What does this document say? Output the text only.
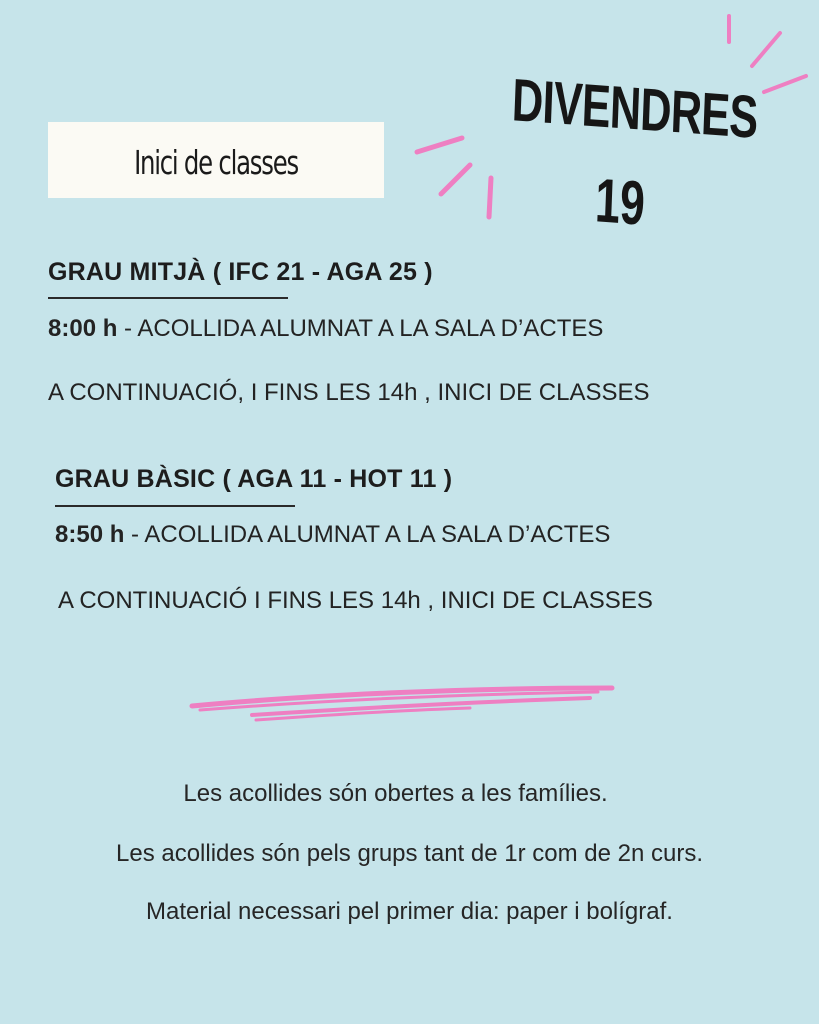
Inici de classes
DIVENDRES
19
GRAU MITJÀ ( IFC 21 - AGA 25 )
8:00 h - ACOLLIDA ALUMNAT A LA SALA D’ACTES
A CONTINUACIÓ, I FINS LES 14h , INICI DE CLASSES
GRAU BÀSIC ( AGA 11 - HOT 11 )
8:50 h - ACOLLIDA ALUMNAT A LA SALA D’ACTES
A CONTINUACIÓ I FINS LES 14h , INICI DE CLASSES
Les acollides són obertes a les famílies.
Les acollides són pels grups tant de 1r com de 2n curs.
Material necessari pel primer dia: paper i bolígraf.
